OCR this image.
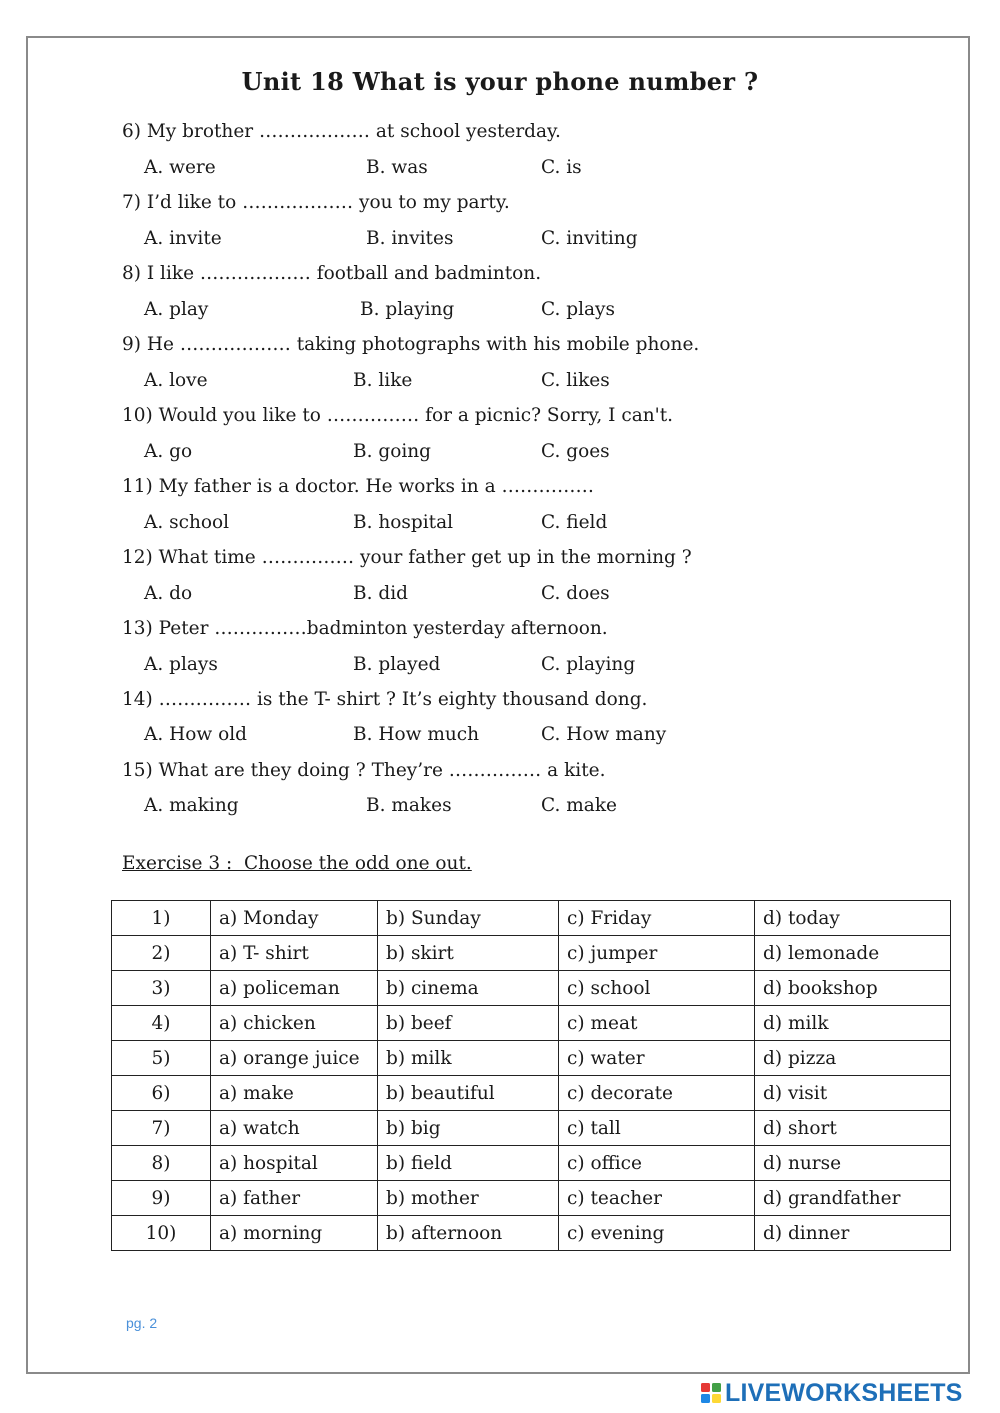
Unit 18 What is your phone number ?
6) My brother ……………… at school yesterday.
A. were	B. was	C. is
7) I’d like to ……………… you to my party.
A. invite	B. invites	C. inviting
8) I like ……………… football and badminton.
A. play	B. playing	C. plays
9) He ……………… taking photographs with his mobile phone.
A. love	B. like	C. likes
10) Would you like to …………… for a picnic? Sorry, I can't.
A. go	B. going	C. goes
11) My father is a doctor. He works in a ……………
A. school	B. hospital	C. field
12) What time …………… your father get up in the morning ?
A. do	B. did	C. does
13) Peter ……………badminton yesterday afternoon.
A. plays	B. played	C. playing
14) …………… is the T- shirt ? It’s eighty thousand dong.
A. How old	B. How much	C. How many
15) What are they doing ? They’re …………… a kite.
A. making	B. makes	C. make
Exercise 3 :  Choose the odd one out.
1)	a) Monday	b) Sunday	c) Friday	d) today
2)	a) T- shirt	b) skirt	c) jumper	d) lemonade
3)	a) policeman	b) cinema	c) school	d) bookshop
4)	a) chicken	b) beef	c) meat	d) milk
5)	a) orange juice	b) milk	c) water	d) pizza
6)	a) make	b) beautiful	c) decorate	d) visit
7)	a) watch	b) big	c) tall	d) short
8)	a) hospital	b) field	c) office	d) nurse
9)	a) father	b) mother	c) teacher	d) grandfather
10)	a) morning	b) afternoon	c) evening	d) dinner
pg. 2
LIVEWORKSHEETS
